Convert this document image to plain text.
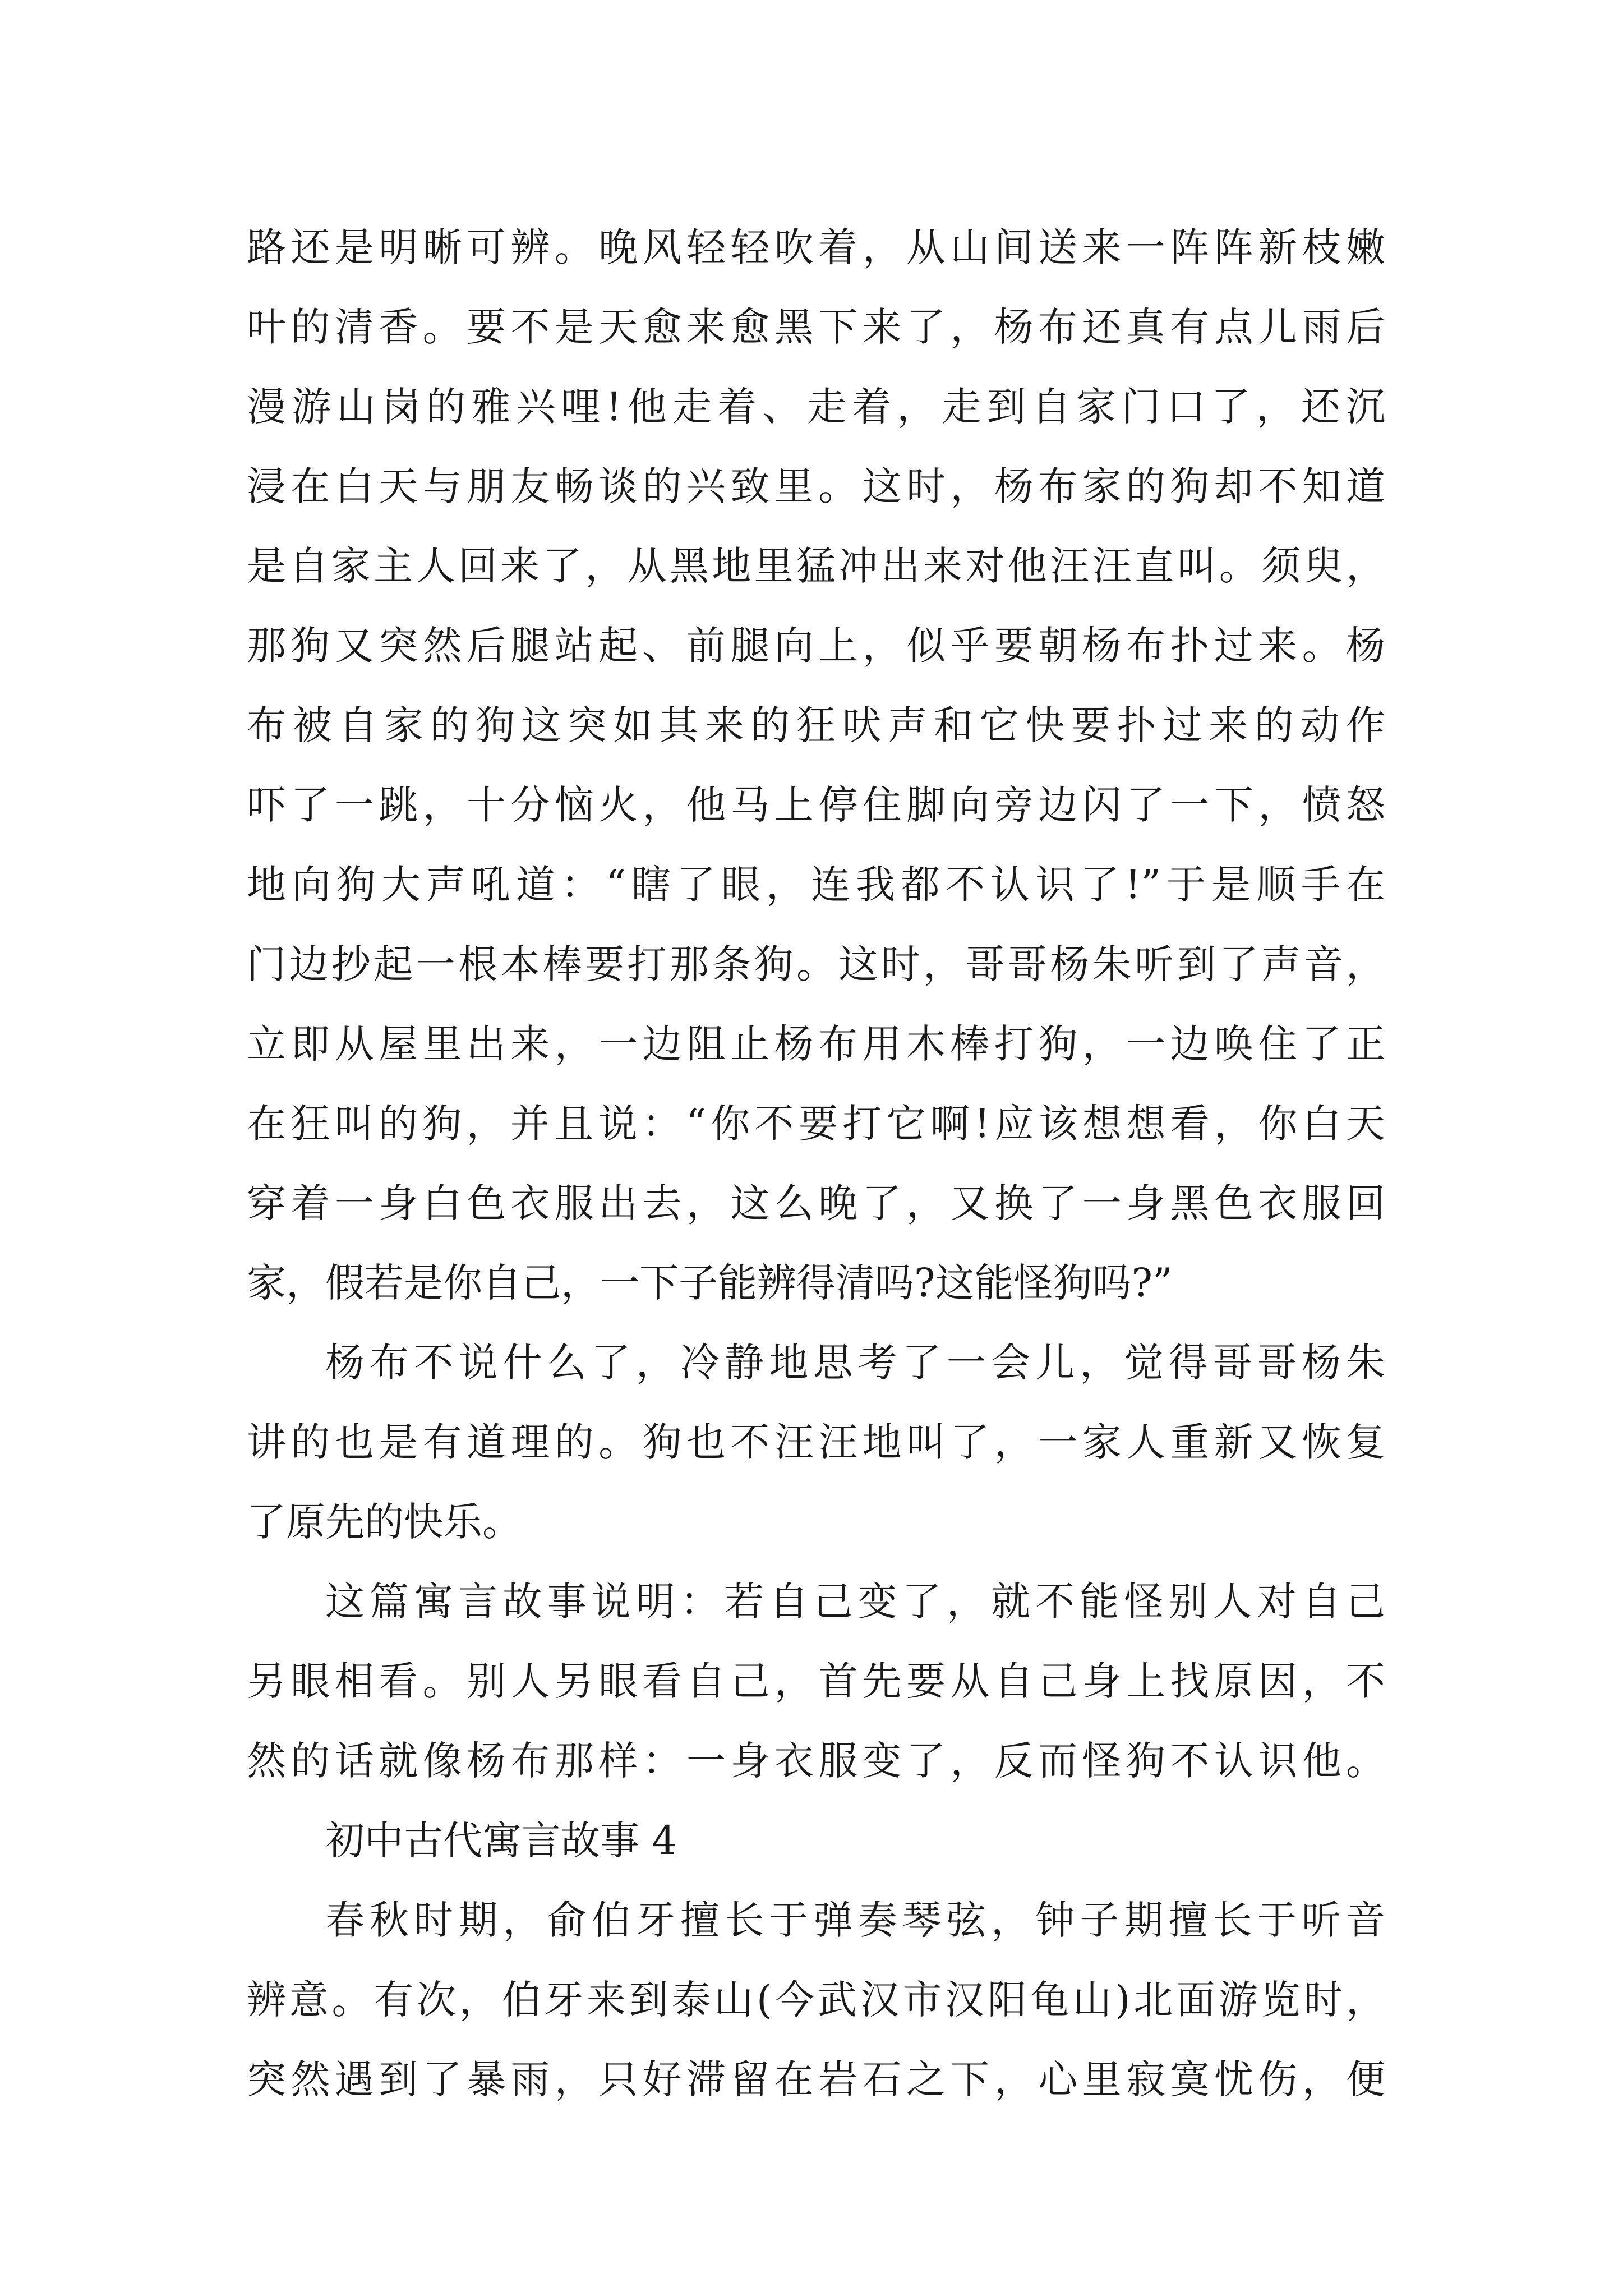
路还是明晰可辨。晚风轻轻吹着，从山间送来一阵阵新枝嫩
叶的清香。要不是天愈来愈黑下来了，杨布还真有点儿雨后
漫游山岗的雅兴哩!他走着、走着，走到自家门口了，还沉
浸在白天与朋友畅谈的兴致里。这时，杨布家的狗却不知道
是自家主人回来了，从黑地里猛冲出来对他汪汪直叫。须臾，
那狗又突然后腿站起、前腿向上，似乎要朝杨布扑过来。杨
布被自家的狗这突如其来的狂吠声和它快要扑过来的动作
吓了一跳，十分恼火，他马上停住脚向旁边闪了一下，愤怒
地向狗大声吼道：“瞎了眼，连我都不认识了!”于是顺手在
门边抄起一根本棒要打那条狗。这时，哥哥杨朱听到了声音，
立即从屋里出来，一边阻止杨布用木棒打狗，一边唤住了正
在狂叫的狗，并且说：“你不要打它啊!应该想想看，你白天
穿着一身白色衣服出去，这么晚了，又换了一身黑色衣服回
家，假若是你自己，一下子能辨得清吗?这能怪狗吗?”
杨布不说什么了，冷静地思考了一会儿，觉得哥哥杨朱
讲的也是有道理的。狗也不汪汪地叫了，一家人重新又恢复
了原先的快乐。
这篇寓言故事说明：若自己变了，就不能怪别人对自己
另眼相看。别人另眼看自己，首先要从自己身上找原因，不
然的话就像杨布那样：一身衣服变了，反而怪狗不认识他。
初中古代寓言故事 4
春秋时期，俞伯牙擅长于弹奏琴弦，钟子期擅长于听音
辨意。有次，伯牙来到泰山(今武汉市汉阳龟山)北面游览时，
突然遇到了暴雨，只好滞留在岩石之下，心里寂寞忧伤，便
